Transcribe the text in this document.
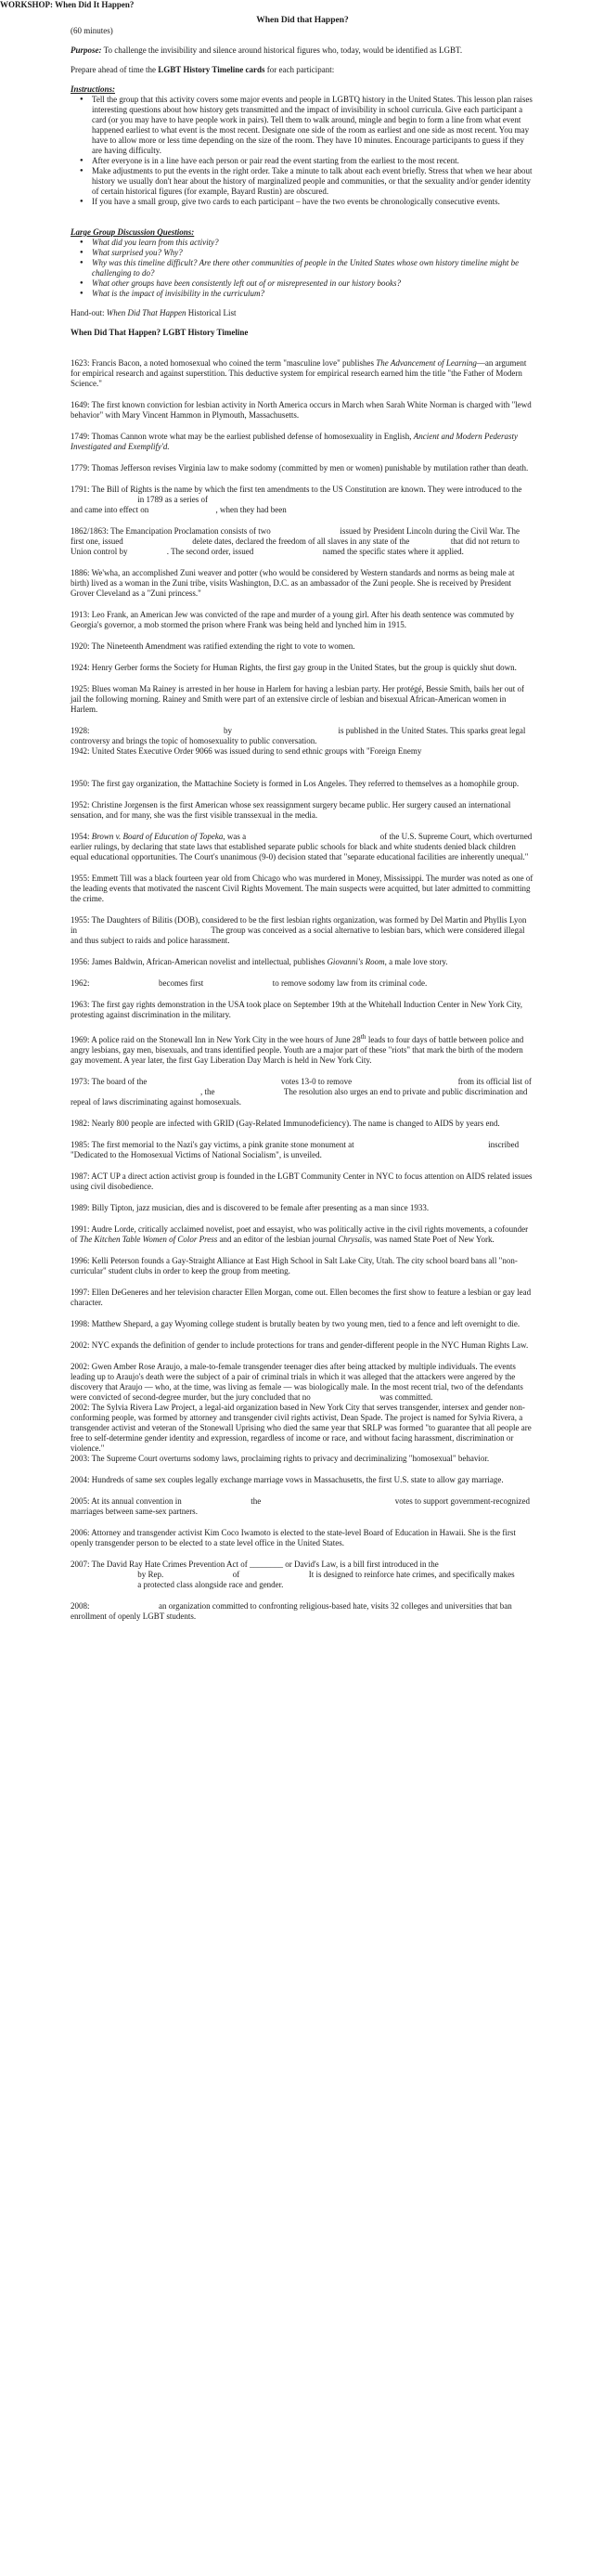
WORKSHOP: When Did It Happen?

When Did that Happen?

(60 minutes)

Purpose: To challenge the invisibility and silence around historical figures who, today, would be identified as LGBT.

Prepare ahead of time the LGBT History Timeline cards for each participant:

Instructions:

● Tell the group that this activity covers some major events and people in LGBTQ history in the United States. This lesson plan raises interesting questions about how history gets transmitted and the impact of invisibility in school curricula. Give each participant a card (or you may have to have people work in pairs). Tell them to walk around, mingle and begin to form a line from what event happened earliest to what event is the most recent. Designate one side of the room as earliest and one side as most recent. You may have to allow more or less time depending on the size of the room. They have 10 minutes. Encourage participants to guess if they are having difficulty.
● After everyone is in a line have each person or pair read the event starting from the earliest to the most recent.
● Make adjustments to put the events in the right order. Take a minute to talk about each event briefly. Stress that when we hear about history we usually don't hear about the history of marginalized people and communities, or that the sexuality and/or gender identity of certain historical figures (for example, Bayard Rustin) are obscured.
● If you have a small group, give two cards to each participant – have the two events be chronologically consecutive events.

Large Group Discussion Questions:

● What did you learn from this activity?
● What surprised you? Why?
● Why was this timeline difficult? Are there other communities of people in the United States whose own history timeline might be challenging to do?
● What other groups have been consistently left out of or misrepresented in our history books?
● What is the impact of invisibility in the curriculum?

Hand-out: When Did That Happen Historical List

When Did That Happen? LGBT History Timeline

1623: Francis Bacon, a noted homosexual who coined the term "masculine love" publishes The Advancement of Learning—an argument for empirical research and against superstition. This deductive system for empirical research earned him the title "the Father of Modern Science."

1649: The first known conviction for lesbian activity in North America occurs in March when Sarah White Norman is charged with "lewd behavior" with Mary Vincent Hammon in Plymouth, Massachusetts.

1749: Thomas Cannon wrote what may be the earliest published defense of homosexuality in English, Ancient and Modern Pederasty Investigated and Exemplify'd.

1779: Thomas Jefferson revises Virginia law to make sodomy (committed by men or women) punishable by mutilation rather than death.

1791: The Bill of Rights is the name by which the first ten amendments to the US Constitution are known. They were introduced to the  in 1789 as a series of
and came into effect on	, when they had been

1862/1863: The Emancipation Proclamation consists of two	issued by President Lincoln during the Civil War. The first one, issued	delete dates, declared the freedom of all slaves in any state of the	that did not return to Union control by	. The second order, issued	named the specific states where it applied.

1886: We'wha, an accomplished Zuni weaver and potter (who would be considered by Western standards and norms as being male at birth) lived as a woman in the Zuni tribe, visits Washington, D.C. as an ambassador of the Zuni people. She is received by President Grover Cleveland as a "Zuni princess."

1913: Leo Frank, an American Jew was convicted of the rape and murder of a young girl. After his death sentence was commuted by Georgia's governor, a mob stormed the prison where Frank was being held and lynched him in 1915.

1920: The Nineteenth Amendment was ratified extending the right to vote to women.

1924: Henry Gerber forms the Society for Human Rights, the first gay group in the United States, but the group is quickly shut down.

1925: Blues woman Ma Rainey is arrested in her house in Harlem for having a lesbian party. Her protégé, Bessie Smith, bails her out of jail the following morning. Rainey and Smith were part of an extensive circle of lesbian and bisexual African-American women in Harlem.

1928:	by	is published in the United States. This sparks great legal controversy and brings the topic of homosexuality to public conversation.

1942: United States Executive Order 9066 was issued during to send ethnic groups with "Foreign Enemy

1950: The first gay organization, the Mattachine Society is formed in Los Angeles. They referred to themselves as a homophile group.

1952: Christine Jorgensen is the first American whose sex reassignment surgery became public. Her surgery caused an international sensation, and for many, she was the first visible transsexual in the media.

1954: Brown v. Board of Education of Topeka, was a	of the U.S. Supreme Court, which overturned earlier rulings, by declaring that state laws that established separate public schools for black and white students denied black children equal educational opportunities. The Court's unanimous (9-0) decision stated that "separate educational facilities are inherently unequal."

1955: Emmett Till was a black fourteen year old from Chicago who was murdered in Money, Mississippi. The murder was noted as one of the leading events that motivated the nascent Civil Rights Movement. The main suspects were acquitted, but later admitted to committing the crime.

1955: The Daughters of Bilitis (DOB), considered to be the first lesbian rights organization, was formed by Del Martin and Phyllis Lyon in	The group was conceived as a social alternative to lesbian bars, which were considered illegal and thus subject to raids and police harassment.

1956: James Baldwin, African-American novelist and intellectual, publishes Giovanni's Room, a male love story.

1962:	becomes first	to remove sodomy law from its criminal code.

1963: The first gay rights demonstration in the USA took place on September 19th at the Whitehall Induction Center in New York City, protesting against discrimination in the military.

1969: A police raid on the Stonewall Inn in New York City in the wee hours of June 28th leads to four days of battle between police and angry lesbians, gay men, bisexuals, and trans identified people. Youth are a major part of these "riots" that mark the birth of the modern gay movement. A year later, the first Gay Liberation Day March is held in New York City.

1973: The board of the	votes 13-0 to remove	from its official list of , the	The resolution also urges an end to private and public discrimination and repeal of laws discriminating against homosexuals.

1982: Nearly 800 people are infected with GRID (Gay-Related Immunodeficiency). The name is changed to AIDS by years end.

1985: The first memorial to the Nazi's gay victims, a pink granite stone monument at	inscribed "Dedicated to the Homosexual Victims of National Socialism", is unveiled.

1987: ACT UP a direct action activist group is founded in the LGBT Community Center in NYC to focus attention on AIDS related issues using civil disobedience.

1989: Billy Tipton, jazz musician, dies and is discovered to be female after presenting as a man since 1933.

1991: Audre Lorde, critically acclaimed novelist, poet and essayist, who was politically active in the civil rights movements, a cofounder of The Kitchen Table Women of Color Press and an editor of the lesbian journal Chrysalis, was named State Poet of New York.

1996: Kelli Peterson founds a Gay-Straight Alliance at East High School in Salt Lake City, Utah. The city school board bans all "non-curricular" student clubs in order to keep the group from meeting.

1997: Ellen DeGeneres and her television character Ellen Morgan, come out. Ellen becomes the first show to feature a lesbian or gay lead character.

1998: Matthew Shepard, a gay Wyoming college student is brutally beaten by two young men, tied to a fence and left overnight to die.

2002: NYC expands the definition of gender to include protections for trans and gender-different people in the NYC Human Rights Law.

2002: Gwen Amber Rose Araujo, a male-to-female transgender teenager dies after being attacked by multiple individuals. The events leading up to Araujo's death were the subject of a pair of criminal trials in which it was alleged that the attackers were angered by the discovery that Araujo — who, at the time, was living as female — was biologically male. In the most recent trial, two of the defendants were convicted of second-degree murder, but the jury concluded that no	was committed.

2002: The Sylvia Rivera Law Project, a legal-aid organization based in New York City that serves transgender, intersex and gender non-conforming people, was formed by attorney and transgender civil rights activist, Dean Spade. The project is named for Sylvia Rivera, a transgender activist and veteran of the Stonewall Uprising who died the same year that SRLP was formed "to guarantee that all people are free to self-determine gender identity and expression, regardless of income or race, and without facing harassment, discrimination or violence."

2003: The Supreme Court overturns sodomy laws, proclaiming rights to privacy and decriminalizing "homosexual" behavior.

2004: Hundreds of same sex couples legally exchange marriage vows in Massachusetts, the first U.S. state to allow gay marriage.

2005: At its annual convention in	the	votes to support government-recognized marriages between same-sex partners.

2006: Attorney and transgender activist Kim Coco Iwamoto is elected to the state-level Board of Education in Hawaii. She is the first openly transgender person to be elected to a state level office in the United States.

2007: The David Ray Hate Crimes Prevention Act of ________ or David's Law, is a bill first introduced in the
by Rep.	of	It is designed to reinforce hate crimes, and specifically makes  a protected class alongside race and gender.

2008:	an organization committed to confronting religious-based hate, visits 32 colleges and universities that ban enrollment of openly LGBT students.
